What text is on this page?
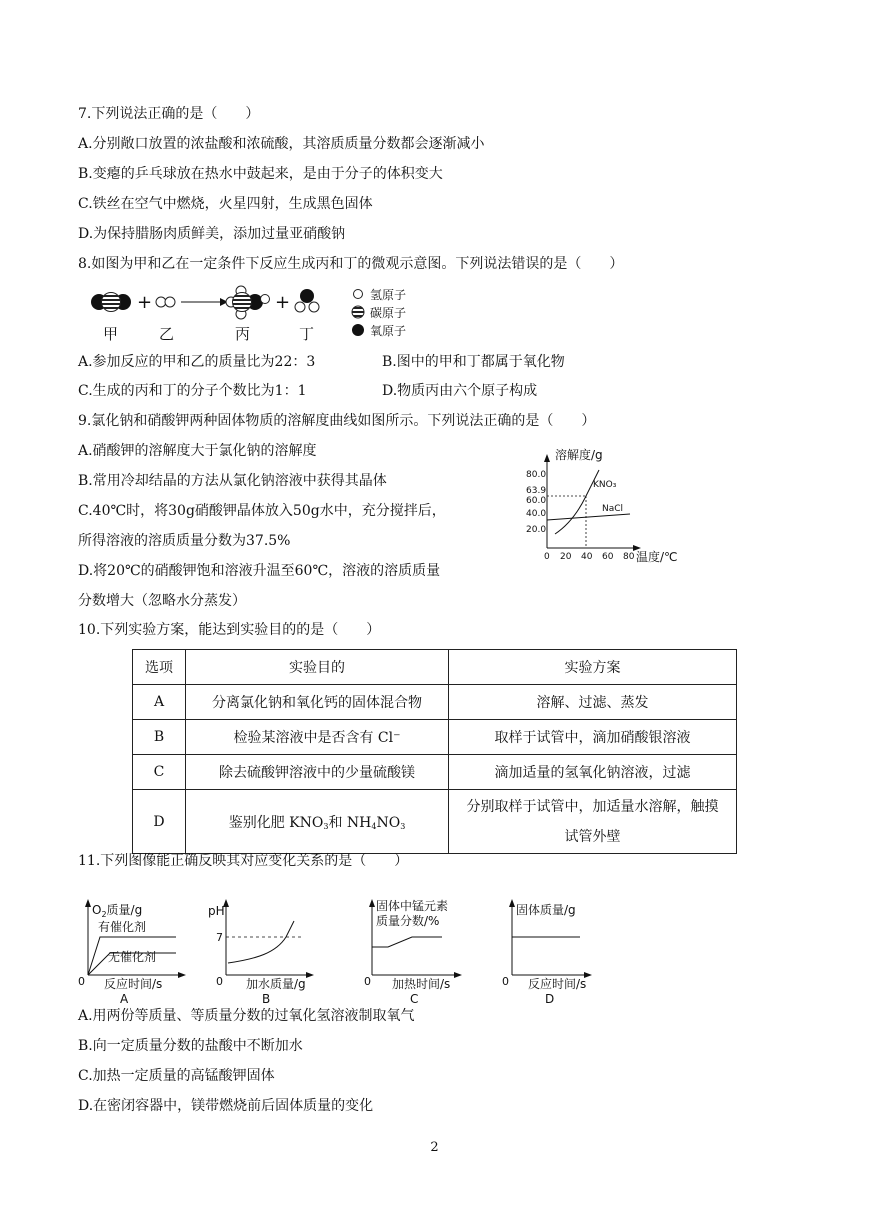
7.下列说法正确的是（　　）
A.分别敞口放置的浓盐酸和浓硫酸，其溶质质量分数都会逐渐减小
B.变瘪的乒乓球放在热水中鼓起来，是由于分子的体积变大
C.铁丝在空气中燃烧，火星四射，生成黑色固体
D.为保持腊肠肉质鲜美，添加过量亚硝酸钠
8.如图为甲和乙在一定条件下反应生成丙和丁的微观示意图。下列说法错误的是（　　）
+	+
甲	乙	丙	丁
氢原子
碳原子
氧原子
A.参加反应的甲和乙的质量比为22：3	B.图中的甲和丁都属于氧化物
C.生成的丙和丁的分子个数比为1：1	D.物质丙由六个原子构成
9.氯化钠和硝酸钾两种固体物质的溶解度曲线如图所示。下列说法正确的是（　　）
A.硝酸钾的溶解度大于氯化钠的溶解度
B.常用冷却结晶的方法从氯化钠溶液中获得其晶体
C.40℃时，将30g硝酸钾晶体放入50g水中，充分搅拌后，
所得溶液的溶质质量分数为37.5%
D.将20℃的硝酸钾饱和溶液升温至60℃，溶液的溶质质量
分数增大（忽略水分蒸发）
溶解度/g
80.0
63.9
60.0
40.0
20.0
0 20 40 60 80 温度/℃
KNO₃
NaCl
10.下列实验方案，能达到实验目的的是（　　）
选项	实验目的	实验方案
A	分离氯化钠和氧化钙的固体混合物	溶解、过滤、蒸发
B	检验某溶液中是否含有 Cl⁻	取样于试管中，滴加硝酸银溶液
C	除去硫酸钾溶液中的少量硫酸镁	滴加适量的氢氧化钠溶液，过滤
D	鉴别化肥 $KNO_3$和 $NH_4NO_3$	分别取样于试管中，加适量水溶解，触摸
试管外壁
11.下列图像能正确反映其对应变化关系的是（　　）
$O_2$质量/g
有催化剂
无催化剂
0 反应时间/s
A
pH
7
0 加水质量/g
B
固体中锰元素
质量分数/%
0 加热时间/s
C
固体质量/g
0 反应时间/s
D
A.用两份等质量、等质量分数的过氧化氢溶液制取氧气
B.向一定质量分数的盐酸中不断加水
C.加热一定质量的高锰酸钾固体
D.在密闭容器中，镁带燃烧前后固体质量的变化
2
